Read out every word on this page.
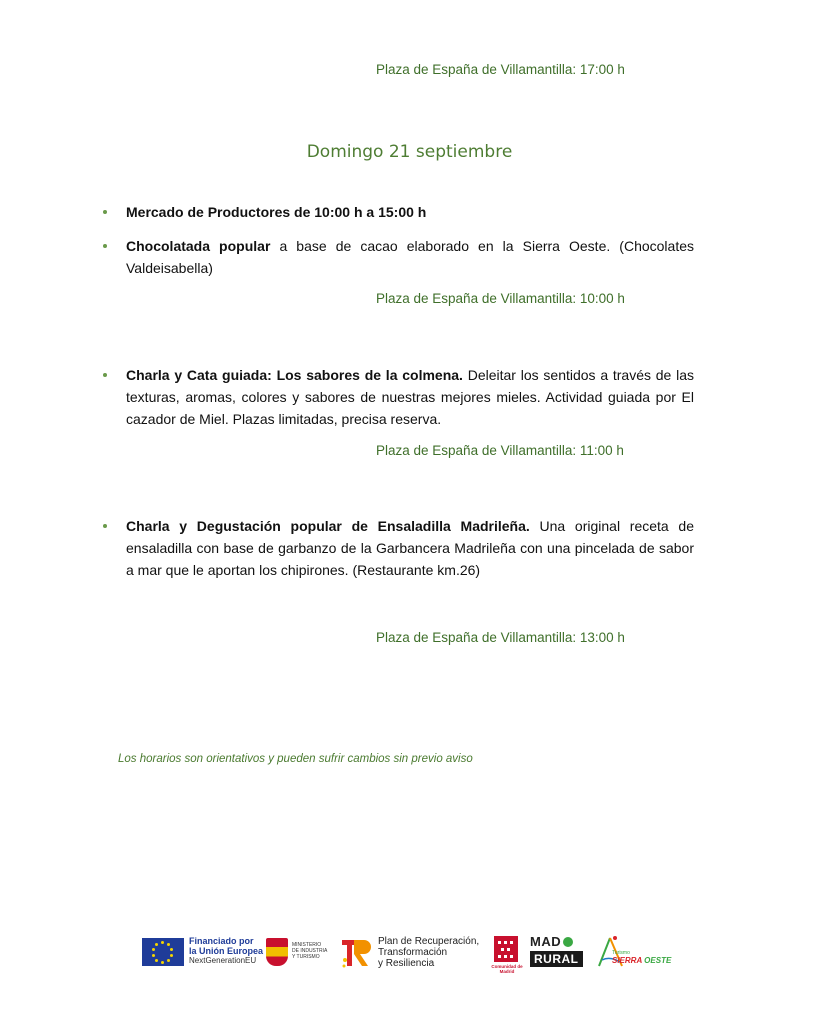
Plaza de España de Villamantilla: 17:00 h
Domingo 21 septiembre
Mercado de Productores de 10:00 h a 15:00 h
Chocolatada popular a base de cacao elaborado en la Sierra Oeste. (Chocolates Valdeisabella)
Plaza de España de Villamantilla: 10:00 h
Charla y Cata guiada: Los sabores de la colmena. Deleitar los sentidos a través de las texturas, aromas, colores y sabores de nuestras mejores mieles. Actividad guiada por El cazador de Miel. Plazas limitadas, precisa reserva.
Plaza de España de Villamantilla: 11:00 h
Charla y Degustación popular de Ensaladilla Madrileña. Una original receta de ensaladilla con base de garbanzo de la Garbancera Madrileña con una pincelada de sabor a mar que le aportan los chipirones. (Restaurante km.26)
Plaza de España de Villamantilla: 13:00 h
Los horarios son orientativos y pueden sufrir cambios sin previo aviso
Financiado por
la Unión Europea
NextGenerationEU
MINISTERIO DE INDUSTRIA Y TURISMO
Plan de Recuperación,
Transformación
y Resiliencia	Comunidad de Madrid
MAD
RURAL	Turismo
SIERRA OESTE
